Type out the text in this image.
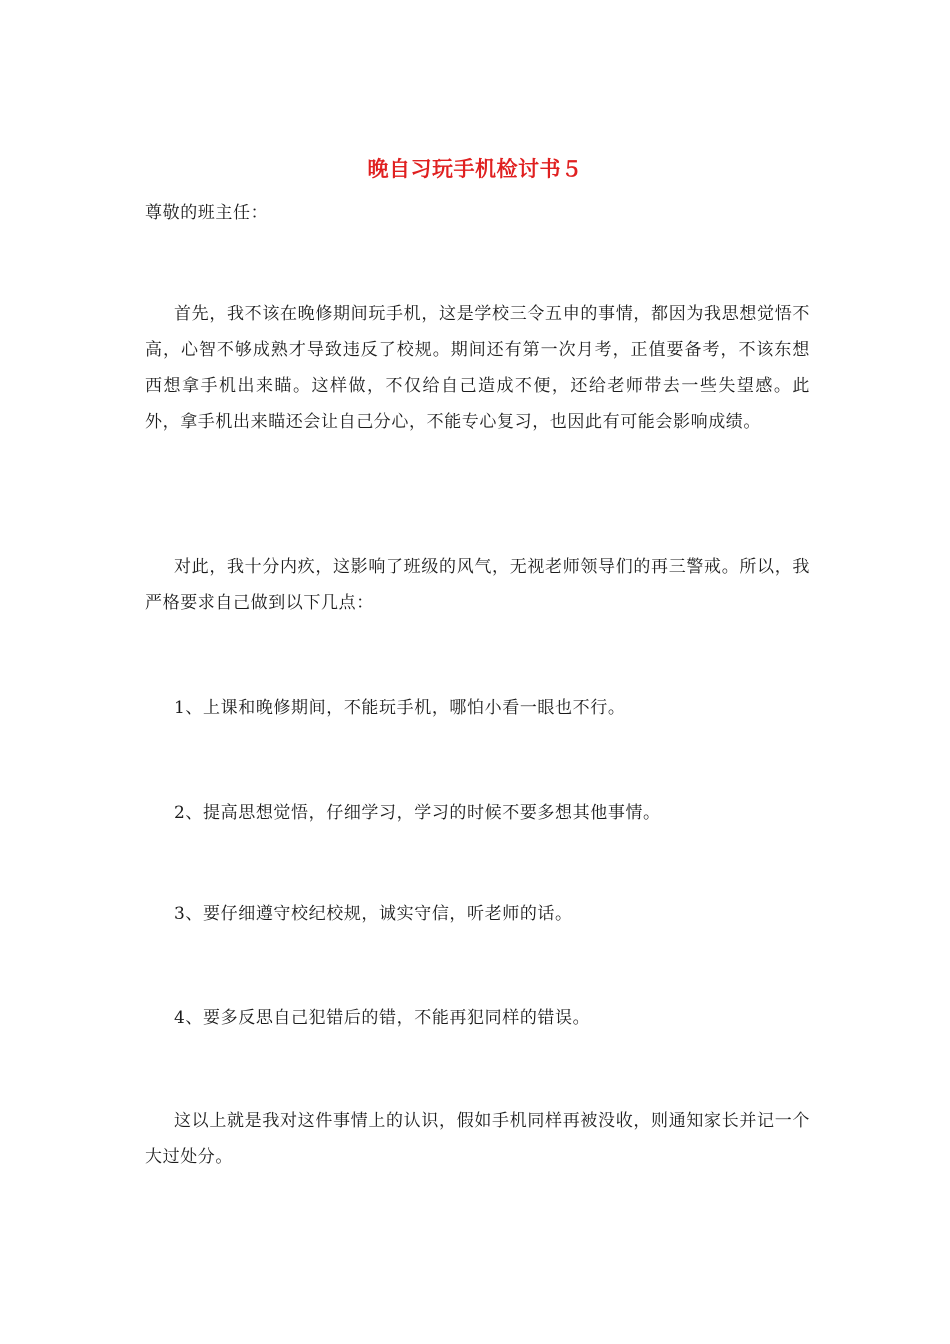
晚自习玩手机检讨书５

尊敬的班主任：

首先，我不该在晚修期间玩手机，这是学校三令五申的事情，都因为我思想觉悟不高，心智不够成熟才导致违反了校规。期间还有第一次月考，正值要备考，不该东想西想拿手机出来瞄。这样做，不仅给自己造成不便，还给老师带去一些失望感。此外，拿手机出来瞄还会让自己分心，不能专心复习，也因此有可能会影响成绩。

对此，我十分内疚，这影响了班级的风气，无视老师领导们的再三警戒。所以，我严格要求自己做到以下几点：

1、上课和晚修期间，不能玩手机，哪怕小看一眼也不行。

2、提高思想觉悟，仔细学习，学习的时候不要多想其他事情。

3、要仔细遵守校纪校规，诚实守信，听老师的话。

4、要多反思自己犯错后的错，不能再犯同样的错误。

这以上就是我对这件事情上的认识，假如手机同样再被没收，则通知家长并记一个大过处分。
